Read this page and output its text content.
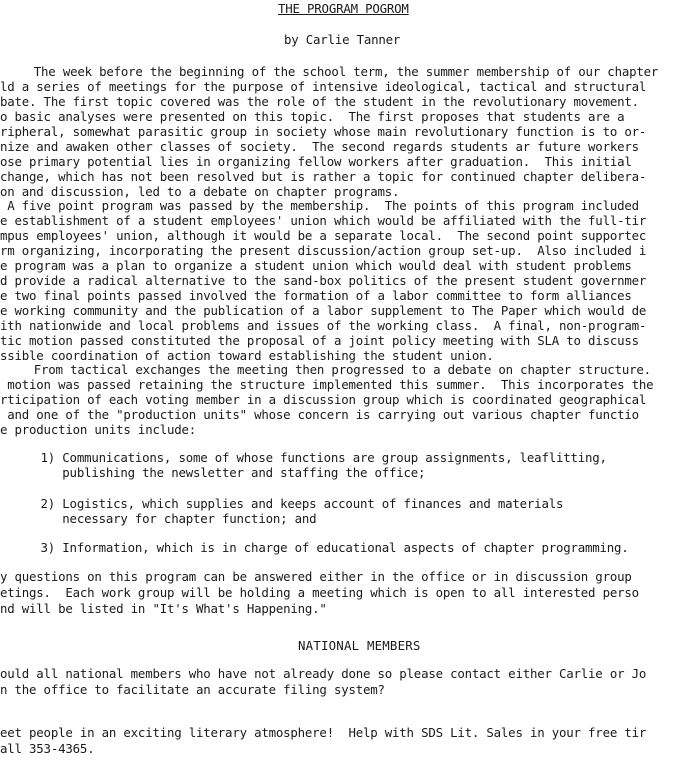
THE PROGRAM POGROM
by Carlie Tanner
The week before the beginning of the school term, the summer membership of our chapter
ld a series of meetings for the purpose of intensive ideological, tactical and structural
bate. The first topic covered was the role of the student in the revolutionary movement.
o basic analyses were presented on this topic.  The first proposes that students are a
ripheral, somewhat parasitic group in society whose main revolutionary function is to or-
nize and awaken other classes of society.  The second regards students ar future workers
ose primary potential lies in organizing fellow workers after graduation.  This initial
change, which has not been resolved but is rather a topic for continued chapter delibera-
on and discussion, led to a debate on chapter programs.
A five point program was passed by the membership.  The points of this program included
e establishment of a student employees' union which would be affiliated with the full-tir
mpus employees' union, although it would be a separate local.  The second point supportec
rm organizing, incorporating the present discussion/action group set-up.  Also included i
e program was a plan to organize a student union which would deal with student problems
d provide a radical alternative to the sand-box politics of the present student governmer
e two final points passed involved the formation of a labor committee to form alliances
e working community and the publication of a labor supplement to The Paper which would de
ith nationwide and local problems and issues of the working class.  A final, non-program-
tic motion passed constituted the proposal of a joint policy meeting with SLA to discuss
ssible coordination of action toward establishing the student union.
From tactical exchanges the meeting then progressed to a debate on chapter structure.
motion was passed retaining the structure implemented this summer.  This incorporates the
rticipation of each voting member in a discussion group which is coordinated geographical
and one of the "production units" whose concern is carrying out various chapter functio
e production units include:
1) Communications, some of whose functions are group assignments, leaflitting,
publishing the newsletter and staffing the office;
2) Logistics, which supplies and keeps account of finances and materials
necessary for chapter function; and
3) Information, which is in charge of educational aspects of chapter programming.
y questions on this program can be answered either in the office or in discussion group
etings.  Each work group will be holding a meeting which is open to all interested perso
nd will be listed in "It's What's Happening."
NATIONAL MEMBERS
ould all national members who have not already done so please contact either Carlie or Jo
n the office to facilitate an accurate filing system?
eet people in an exciting literary atmosphere!  Help with SDS Lit. Sales in your free tir
all 353-4365.
